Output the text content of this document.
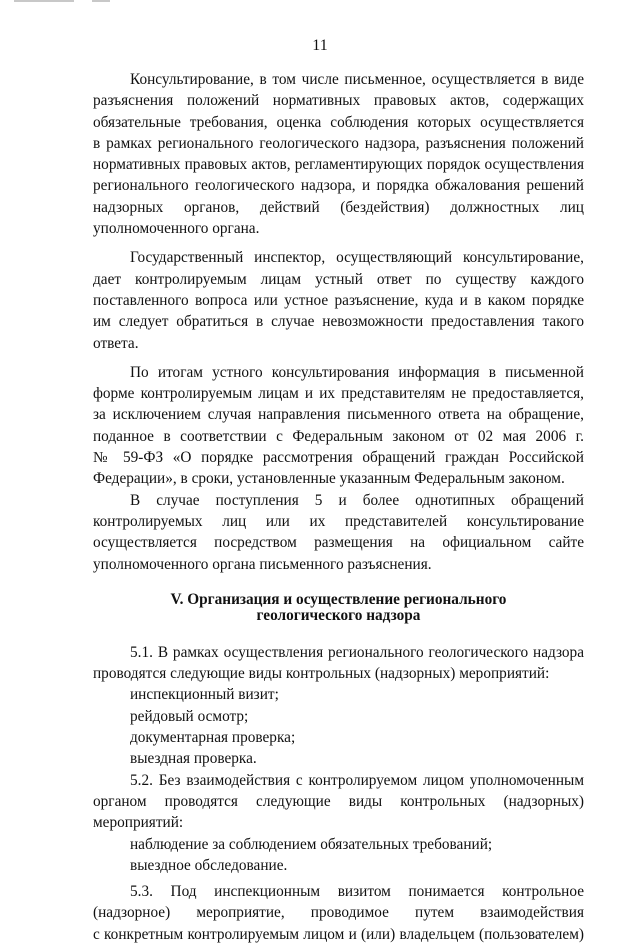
11

Консультирование, в том числе письменное, осуществляется в виде

разъяснения положений нормативных правовых актов, содержащих

обязательные требования, оценка соблюдения которых осуществляется

в рамках регионального геологического надзора, разъяснения положений

нормативных правовых актов, регламентирующих порядок осуществления

регионального геологического надзора, и порядка обжалования решений

надзорных органов, действий (бездействия) должностных лиц

уполномоченного органа.

Государственный инспектор, осуществляющий консультирование,

дает контролируемым лицам устный ответ по существу каждого

поставленного вопроса или устное разъяснение, куда и в каком порядке

им следует обратиться в случае невозможности предоставления такого

ответа.

По итогам устного консультирования информация в письменной

форме контролируемым лицам и их представителям не предоставляется,

за исключением случая направления письменного ответа на обращение,

поданное в соответствии с Федеральным законом от 02 мая 2006 г.

№ 59-ФЗ «О порядке рассмотрения обращений граждан Российской

Федерации», в сроки, установленные указанным Федеральным законом.

В случае поступления 5 и более однотипных обращений

контролируемых лиц или их представителей консультирование

осуществляется посредством размещения на официальном сайте

уполномоченного органа письменного разъяснения.

V. Организация и осуществление регионального
геологического надзора

5.1. В рамках осуществления регионального геологического надзора

проводятся следующие виды контрольных (надзорных) мероприятий:

инспекционный визит;

рейдовый осмотр;

документарная проверка;

выездная проверка.

5.2. Без взаимодействия с контролируемом лицом уполномоченным

органом проводятся следующие виды контрольных (надзорных)

мероприятий:

наблюдение за соблюдением обязательных требований;

выездное обследование.

5.3. Под инспекционным визитом понимается контрольное

(надзорное) мероприятие, проводимое путем взаимодействия

с конкретным контролируемым лицом и (или) владельцем (пользователем)
